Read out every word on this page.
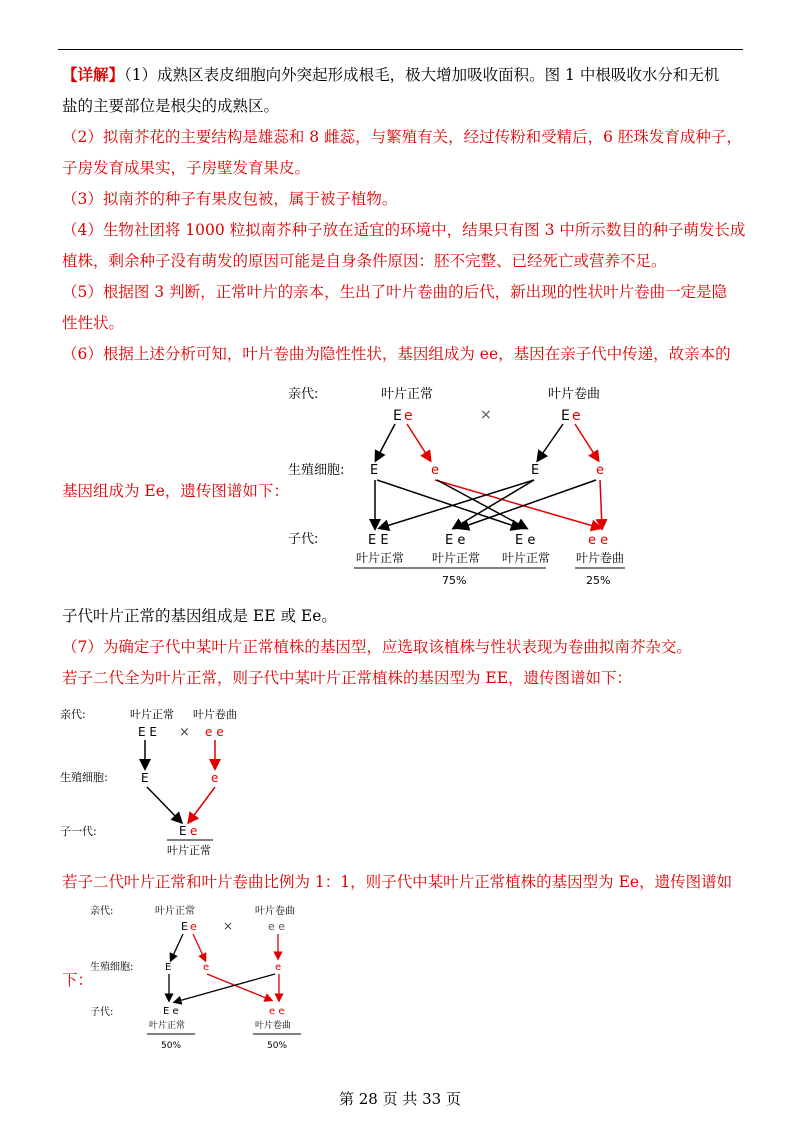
【详解】（1）成熟区表皮细胞向外突起形成根毛，极大增加吸收面积。图 1 中根吸收水分和无机
盐的主要部位是根尖的成熟区。
（2）拟南芥花的主要结构是雄蕊和 8 雌蕊，与繁殖有关，经过传粉和受精后，6 胚珠发育成种子，
子房发育成果实，子房壁发育果皮。
（3）拟南芥的种子有果皮包被，属于被子植物。
（4）生物社团将 1000 粒拟南芥种子放在适宜的环境中，结果只有图 3 中所示数目的种子萌发长成
植株，剩余种子没有萌发的原因可能是自身条件原因：胚不完整、已经死亡或营养不足。
（5）根据图 3 判断，正常叶片的亲本，生出了叶片卷曲的后代，新出现的性状叶片卷曲一定是隐
性性状。
（6）根据上述分析可知，叶片卷曲为隐性性状，基因组成为 ee，基因在亲子代中传递，故亲本的
基因组成为 Ee，遗传图谱如下：
亲代:
生殖细胞:
子代:
叶片正常	叶片卷曲
×
E e	E e
E	e	E	e
E E	E e	E e	e e
叶片正常 叶片正常 叶片正常 叶片卷曲
75%	25%
子代叶片正常的基因组成是 EE 或 Ee。
（7）为确定子代中某叶片正常植株的基因型，应选取该植株与性状表现为卷曲拟南芥杂交。
若子二代全为叶片正常，则子代中某叶片正常植株的基因型为 EE，遗传图谱如下：
亲代:
生殖细胞:
子一代:
叶片正常 叶片卷曲
E E × e e
E	e
E e
叶片正常
若子二代叶片正常和叶片卷曲比例为 1：1，则子代中某叶片正常植株的基因型为 Ee，遗传图谱如
下：
亲代:
生殖细胞:
子代:
叶片正常	叶片卷曲
E e ×	e e
E	e	e
E e	e e
叶片正常	叶片卷曲
50%	50%
第 28 页 共 33 页
